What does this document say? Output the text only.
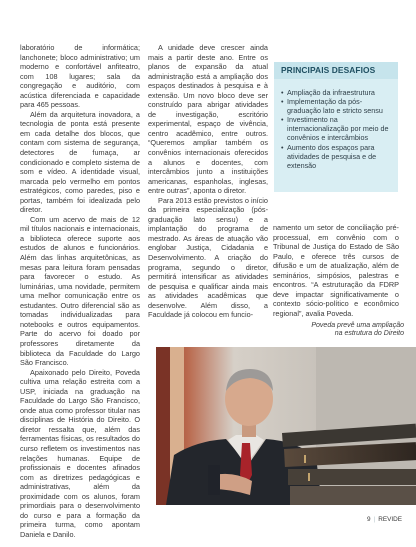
laboratório de informática; lanchonete; bloco administrativo; um moderno e confortável anfiteatro, com 108 lugares; sala da congregação e auditório, com acústica diferenciada e capacidade para 465 pessoas.

Além da arquitetura inovadora, a tecnologia de ponta está presente em cada detalhe dos blocos, que contam com sistema de segurança, detectores de fumaça, ar condicionado e completo sistema de som e vídeo. A identidade visual, marcada pelo vermelho em pontos estratégicos, como paredes, piso e portas, também foi idealizada pelo diretor.

Com um acervo de mais de 12 mil títulos nacionais e internacionais, a biblioteca oferece suporte aos estudos de alunos e funcionários. Além das linhas arquitetônicas, as mesas para leitura foram pensadas para favorecer o estudo. As luminárias, uma novidade, permitem uma melhor comunicação entre os estudantes. Outro diferencial são as tomadas individualizadas para notebooks e outros equipamentos. Parte do acervo foi doado por professores diretamente da biblioteca da Faculdade do Largo São Francisco.

Apaixonado pelo Direito, Poveda cultiva uma relação estreita com a USP, iniciada na graduação na Faculdade do Largo São Francisco, onde atua como professor titular nas disciplinas de História do Direito. O diretor ressalta que, além das ferramentas físicas, os resultados do curso refletem os investimentos nas relações humanas. Equipe de profissionais e docentes afinados com as diretrizes pedagógicas e administrativas, além da proximidade com os alunos, foram primordiais para o desenvolvimento do curso e para a formação da primeira turma, como apontam Daniela e Danilo.

A unidade deve crescer ainda mais a partir deste ano. Entre os planos de expansão da atual administração está a ampliação dos espaços destinados à pesquisa e à extensão. Um novo bloco deve ser construído para abrigar atividades de investigação, escritório experimental, espaço de vivência, centro acadêmico, entre outros. “Queremos ampliar também os convênios internacionais oferecidos a alunos e docentes, com intercâmbios junto a instituições americanas, espanholas, inglesas, entre outras”, aponta o diretor.

Para 2013 estão previstos o início da primeira especialização (pós-graduação lato sensu) e a implantação do programa de mestrado. As áreas de atuação vão englobar Justiça, Cidadania e Desenvolvimento. A criação do programa, segundo o diretor, permitirá intensificar as atividades de pesquisa e qualificar ainda mais as atividades acadêmicas que desenvolve. Além disso, a Faculdade já colocou em funcio-

PRINCIPAIS DESAFIOS
• Ampliação da infraestrutura
• Implementação da pós-graduação lato e stricto sensu
• Investimento na internacionalização por meio de convênios e intercâmbios
• Aumento dos espaços para atividades de pesquisa e de extensão

namento um setor de conciliação pré-processual, em convênio com o Tribunal de Justiça do Estado de São Paulo, e oferece três cursos de difusão e um de atualização, além de seminários, simpósios, palestras e encontros. “A estruturação da FDRP deve impactar significativamente o contexto sócio-político e econômico regional”, avalia Poveda.

Poveda prevê uma ampliação na estrutura do Direito
9 | REVIDE
